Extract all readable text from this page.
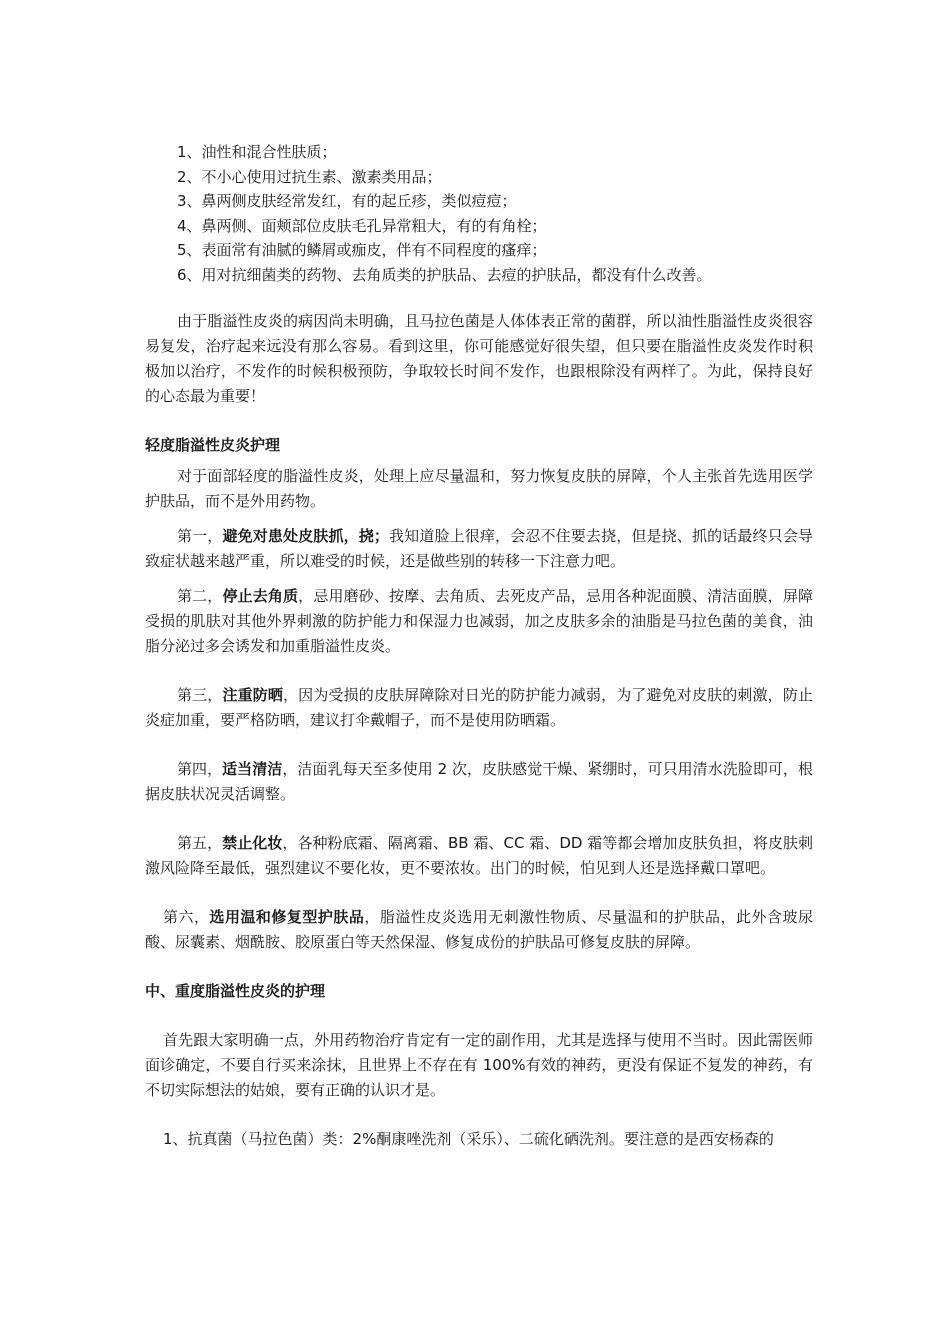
1、油性和混合性肤质；

2、不小心使用过抗生素、激素类用品；

3、鼻两侧皮肤经常发红，有的起丘疹，类似痘痘；

4、鼻两侧、面颊部位皮肤毛孔异常粗大，有的有角栓；

5、表面常有油腻的鳞屑或痂皮，伴有不同程度的瘙痒；

6、用对抗细菌类的药物、去角质类的护肤品、去痘的护肤品，都没有什么改善。

由于脂溢性皮炎的病因尚未明确，且马拉色菌是人体体表正常的菌群，所以油性脂溢性皮炎很容易复发，治疗起来远没有那么容易。看到这里，你可能感觉好很失望，但只要在脂溢性皮炎发作时积极加以治疗，不发作的时候积极预防，争取较长时间不发作，也跟根除没有两样了。为此，保持良好的心态最为重要！

轻度脂溢性皮炎护理

对于面部轻度的脂溢性皮炎，处理上应尽量温和，努力恢复皮肤的屏障，个人主张首先选用医学护肤品，而不是外用药物。

第一，避免对患处皮肤抓，挠；我知道脸上很痒，会忍不住要去挠，但是挠、抓的话最终只会导致症状越来越严重，所以难受的时候，还是做些别的转移一下注意力吧。

第二，停止去角质，忌用磨砂、按摩、去角质、去死皮产品，忌用各种泥面膜、清洁面膜，屏障受损的肌肤对其他外界刺激的防护能力和保湿力也减弱，加之皮肤多余的油脂是马拉色菌的美食，油脂分泌过多会诱发和加重脂溢性皮炎。

第三，注重防晒，因为受损的皮肤屏障除对日光的防护能力减弱，为了避免对皮肤的刺激，防止炎症加重，要严格防晒，建议打伞戴帽子，而不是使用防晒霜。

第四，适当清洁，洁面乳每天至多使用 2 次，皮肤感觉干燥、紧绷时，可只用清水洗脸即可，根据皮肤状况灵活调整。

第五，禁止化妆，各种粉底霜、隔离霜、BB 霜、CC 霜、DD 霜等都会增加皮肤负担，将皮肤刺激风险降至最低，强烈建议不要化妆，更不要浓妆。出门的时候，怕见到人还是选择戴口罩吧。

第六，选用温和修复型护肤品，脂溢性皮炎选用无刺激性物质、尽量温和的护肤品，此外含玻尿酸、尿囊素、烟酰胺、胶原蛋白等天然保湿、修复成份的护肤品可修复皮肤的屏障。

中、重度脂溢性皮炎的护理

首先跟大家明确一点，外用药物治疗肯定有一定的副作用，尤其是选择与使用不当时。因此需医师面诊确定，不要自行买来涂抹，且世界上不存在有 100%有效的神药，更没有保证不复发的神药，有不切实际想法的姑娘，要有正确的认识才是。

1、抗真菌（马拉色菌）类：2%酮康唑洗剂（采乐）、二硫化硒洗剂。要注意的是西安杨森的
